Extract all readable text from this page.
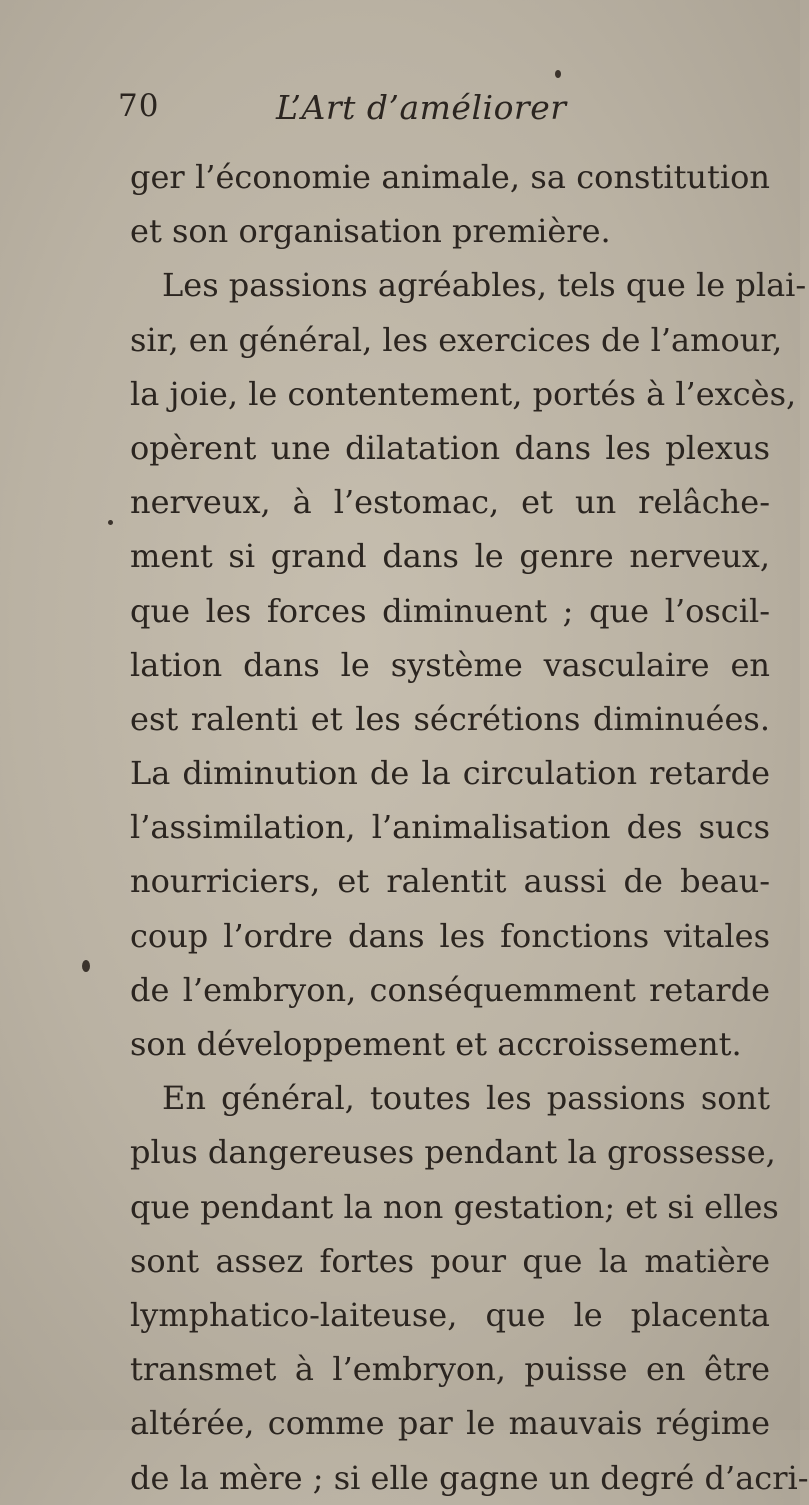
70	L’Art d’améliorer
ger l’économie animale, sa constitution
et son organisation première.
Les passions agréables, tels que le plai-
sir, en général, les exercices de l’amour,
la joie, le contentement, portés à l’excès,
opèrent une dilatation dans les plexus
nerveux, à l’estomac, et un relâche-
ment si grand dans le genre nerveux,
que les forces diminuent ; que l’oscil-
lation dans le système vasculaire en
est ralenti et les sécrétions diminuées.
La diminution de la circulation retarde
l’assimilation, l’animalisation des sucs
nourriciers, et ralentit aussi de beau-
coup l’ordre dans les fonctions vitales
de l’embryon, conséquemment retarde
son développement et accroissement.
En général, toutes les passions sont
plus dangereuses pendant la grossesse,
que pendant la non gestation; et si elles
sont assez fortes pour que la matière
lymphatico-laiteuse, que le placenta
transmet à l’embryon, puisse en être
altérée, comme par le mauvais régime
de la mère ; si elle gagne un degré d’acri-
